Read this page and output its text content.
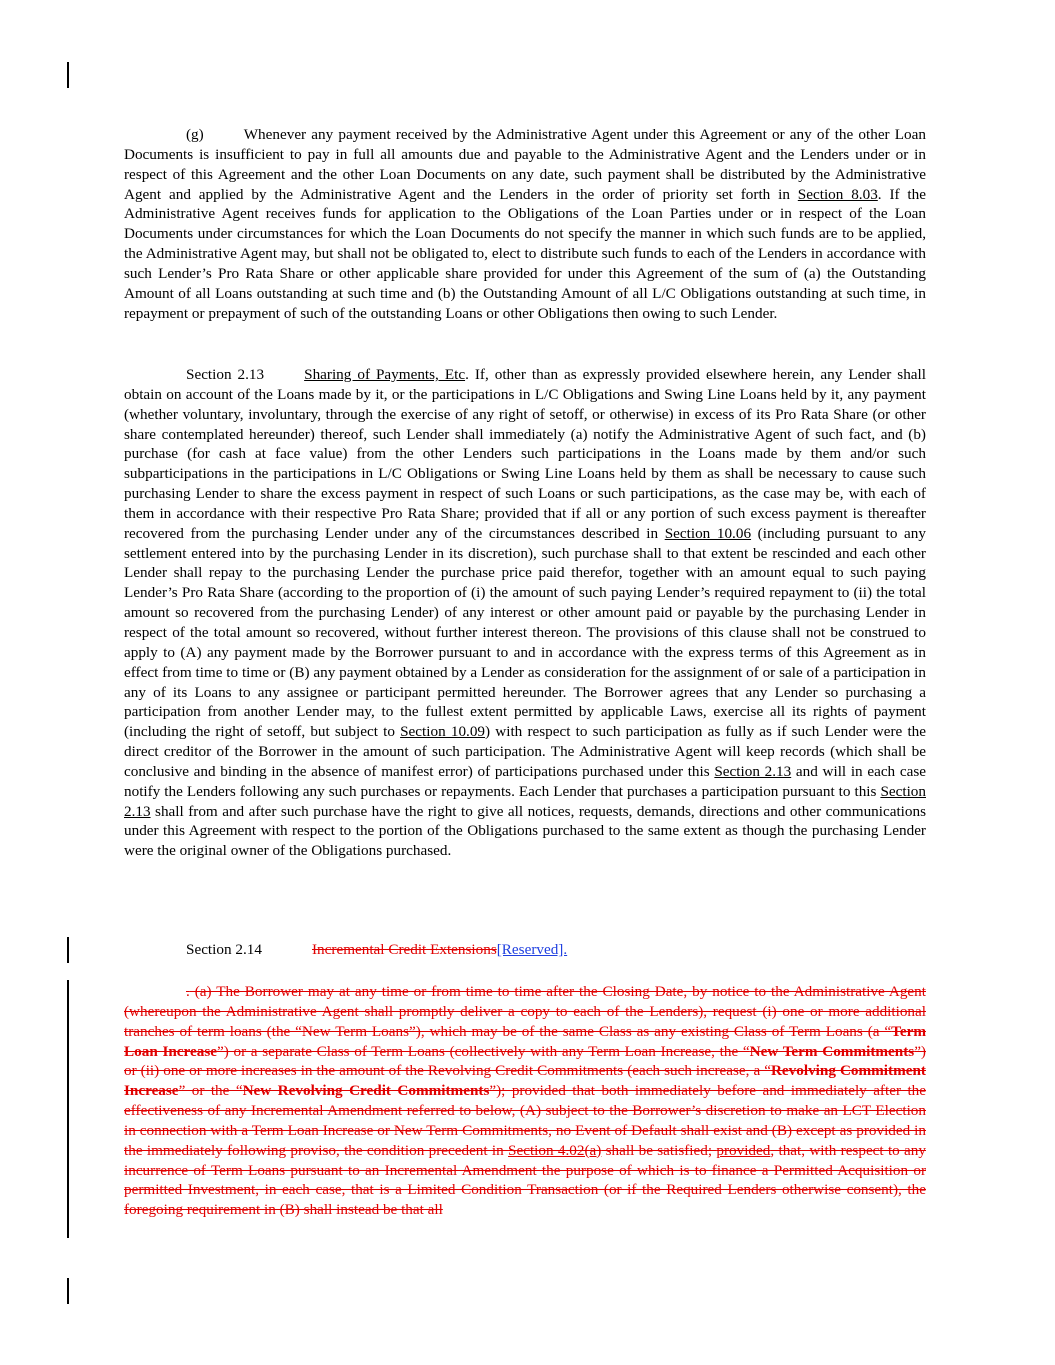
(g)	Whenever any payment received by the Administrative Agent under this Agreement or any of the other Loan Documents is insufficient to pay in full all amounts due and payable to the Administrative Agent and the Lenders under or in respect of this Agreement and the other Loan Documents on any date, such payment shall be distributed by the Administrative Agent and applied by the Administrative Agent and the Lenders in the order of priority set forth in Section 8.03. If the Administrative Agent receives funds for application to the Obligations of the Loan Parties under or in respect of the Loan Documents under circumstances for which the Loan Documents do not specify the manner in which such funds are to be applied, the Administrative Agent may, but shall not be obligated to, elect to distribute such funds to each of the Lenders in accordance with such Lender’s Pro Rata Share or other applicable share provided for under this Agreement of the sum of (a) the Outstanding Amount of all Loans outstanding at such time and (b) the Outstanding Amount of all L/C Obligations outstanding at such time, in repayment or prepayment of such of the outstanding Loans or other Obligations then owing to such Lender.
Section 2.13	Sharing of Payments, Etc. If, other than as expressly provided elsewhere herein, any Lender shall obtain on account of the Loans made by it, or the participations in L/C Obligations and Swing Line Loans held by it, any payment (whether voluntary, involuntary, through the exercise of any right of setoff, or otherwise) in excess of its Pro Rata Share (or other share contemplated hereunder) thereof, such Lender shall immediately (a) notify the Administrative Agent of such fact, and (b) purchase (for cash at face value) from the other Lenders such participations in the Loans made by them and/or such subparticipations in the participations in L/C Obligations or Swing Line Loans held by them as shall be necessary to cause such purchasing Lender to share the excess payment in respect of such Loans or such participations, as the case may be, with each of them in accordance with their respective Pro Rata Share; provided that if all or any portion of such excess payment is thereafter recovered from the purchasing Lender under any of the circumstances described in Section 10.06 (including pursuant to any settlement entered into by the purchasing Lender in its discretion), such purchase shall to that extent be rescinded and each other Lender shall repay to the purchasing Lender the purchase price paid therefor, together with an amount equal to such paying Lender’s Pro Rata Share (according to the proportion of (i) the amount of such paying Lender’s required repayment to (ii) the total amount so recovered from the purchasing Lender) of any interest or other amount paid or payable by the purchasing Lender in respect of the total amount so recovered, without further interest thereon. The provisions of this clause shall not be construed to apply to (A) any payment made by the Borrower pursuant to and in accordance with the express terms of this Agreement as in effect from time to time or (B) any payment obtained by a Lender as consideration for the assignment of or sale of a participation in any of its Loans to any assignee or participant permitted hereunder. The Borrower agrees that any Lender so purchasing a participation from another Lender may, to the fullest extent permitted by applicable Laws, exercise all its rights of payment (including the right of setoff, but subject to Section 10.09) with respect to such participation as fully as if such Lender were the direct creditor of the Borrower in the amount of such participation. The Administrative Agent will keep records (which shall be conclusive and binding in the absence of manifest error) of participations purchased under this Section 2.13 and will in each case notify the Lenders following any such purchases or repayments. Each Lender that purchases a participation pursuant to this Section 2.13 shall from and after such purchase have the right to give all notices, requests, demands, directions and other communications under this Agreement with respect to the portion of the Obligations purchased to the same extent as though the purchasing Lender were the original owner of the Obligations purchased.
Section 2.14	Incremental Credit Extensions[Reserved].
. (a) The Borrower may at any time or from time to time after the Closing Date, by notice to the Administrative Agent (whereupon the Administrative Agent shall promptly deliver a copy to each of the Lenders), request (i) one or more additional tranches of term loans (the “New Term Loans”), which may be of the same Class as any existing Class of Term Loans (a “Term Loan Increase”) or a separate Class of Term Loans (collectively with any Term Loan Increase, the “New Term Commitments”) or (ii) one or more increases in the amount of the Revolving Credit Commitments (each such increase, a “Revolving Commitment Increase” or the “New Revolving Credit Commitments”); provided that both immediately before and immediately after the effectiveness of any Incremental Amendment referred to below, (A) subject to the Borrower’s discretion to make an LCT Election in connection with a Term Loan Increase or New Term Commitments, no Event of Default shall exist and (B) except as provided in the immediately following proviso, the condition precedent in Section 4.02(a) shall be satisfied; provided, that, with respect to any incurrence of Term Loans pursuant to an Incremental Amendment the purpose of which is to finance a Permitted Acquisition or permitted Investment, in each case, that is a Limited Condition Transaction (or if the Required Lenders otherwise consent), the foregoing requirement in (B) shall instead be that all
